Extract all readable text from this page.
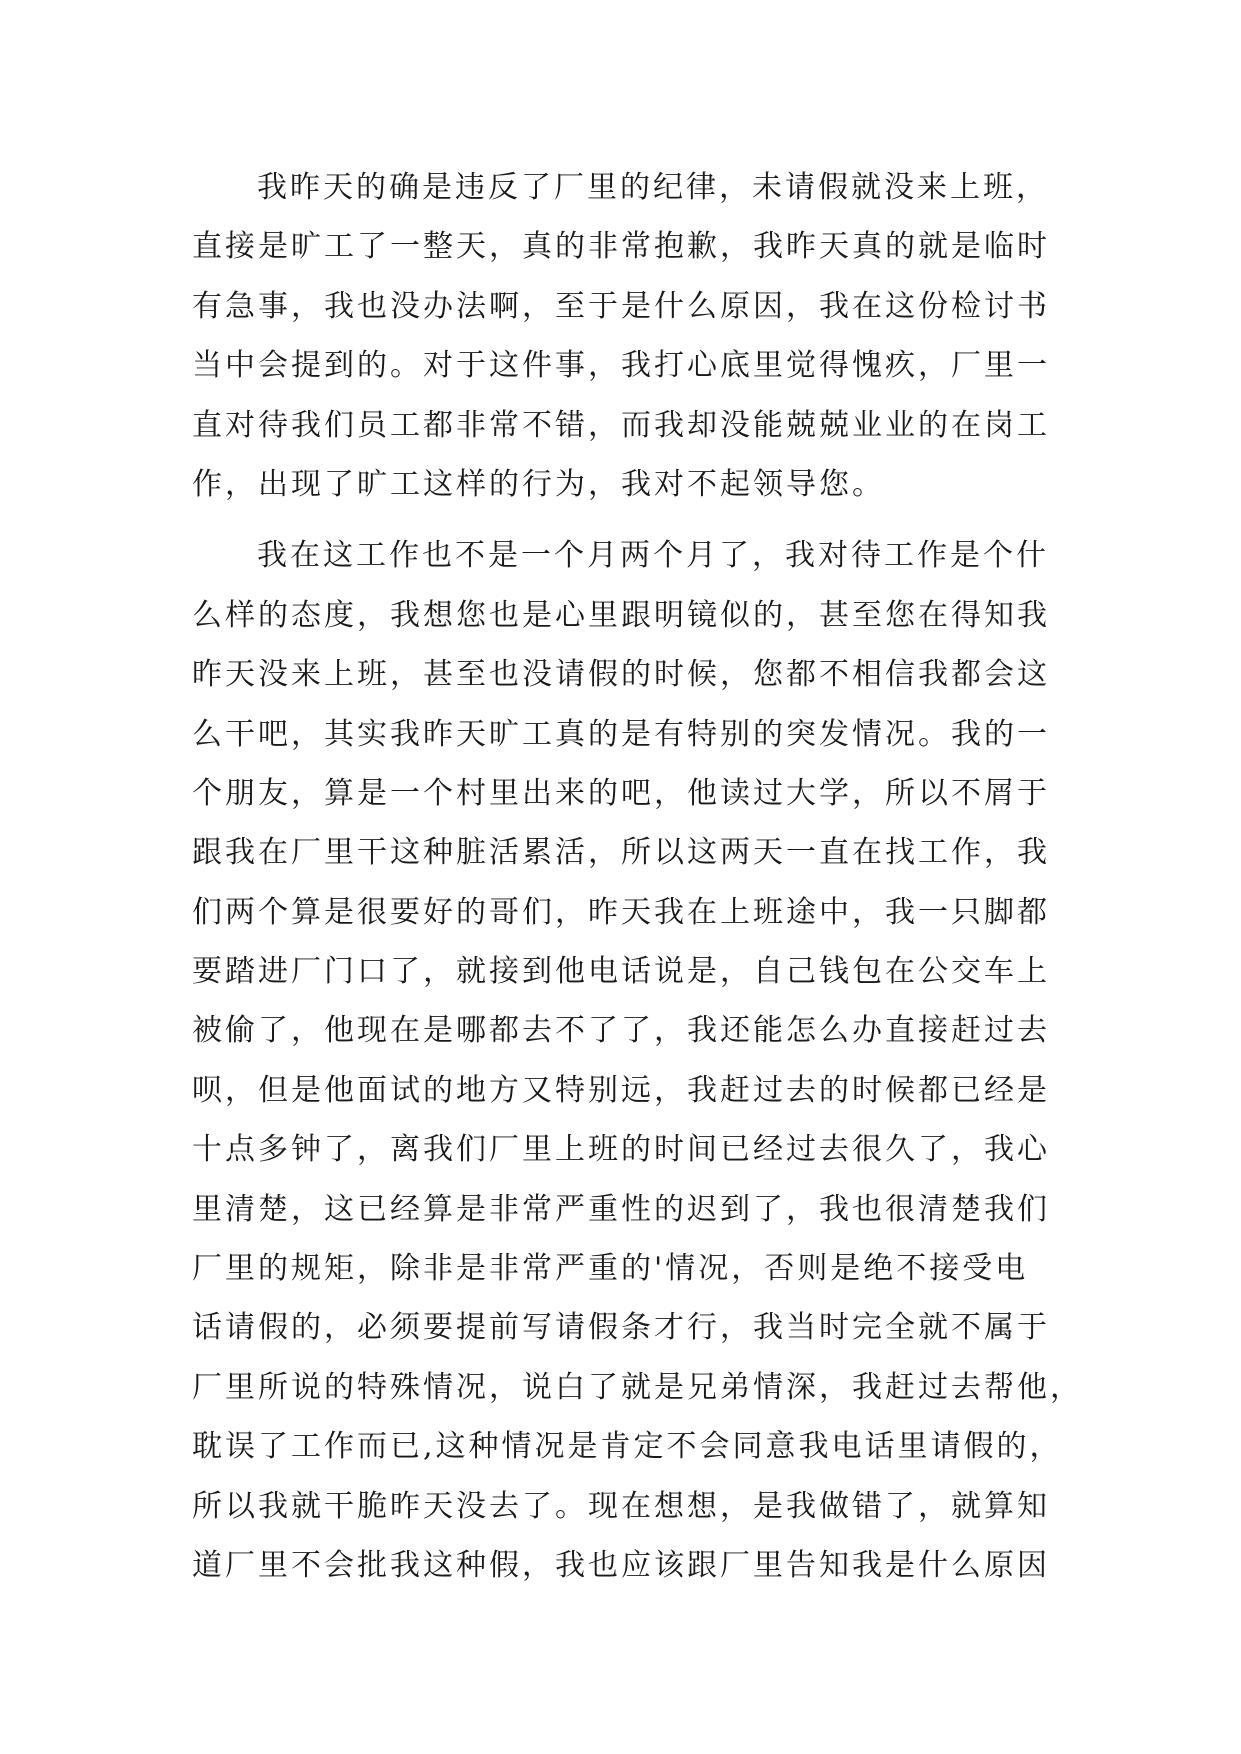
我昨天的确是违反了厂里的纪律，未请假就没来上班，
直接是旷工了一整天，真的非常抱歉，我昨天真的就是临时
有急事，我也没办法啊，至于是什么原因，我在这份检讨书
当中会提到的。对于这件事，我打心底里觉得愧疚，厂里一
直对待我们员工都非常不错，而我却没能兢兢业业的在岗工
作，出现了旷工这样的行为，我对不起领导您。
我在这工作也不是一个月两个月了，我对待工作是个什
么样的态度，我想您也是心里跟明镜似的，甚至您在得知我
昨天没来上班，甚至也没请假的时候，您都不相信我都会这
么干吧，其实我昨天旷工真的是有特别的突发情况。我的一
个朋友，算是一个村里出来的吧，他读过大学，所以不屑于
跟我在厂里干这种脏活累活，所以这两天一直在找工作，我
们两个算是很要好的哥们，昨天我在上班途中，我一只脚都
要踏进厂门口了，就接到他电话说是，自己钱包在公交车上
被偷了，他现在是哪都去不了了，我还能怎么办直接赶过去
呗，但是他面试的地方又特别远，我赶过去的时候都已经是
十点多钟了，离我们厂里上班的时间已经过去很久了，我心
里清楚，这已经算是非常严重性的迟到了，我也很清楚我们
厂里的规矩，除非是非常严重的'情况，否则是绝不接受电
话请假的，必须要提前写请假条才行，我当时完全就不属于
厂里所说的特殊情况，说白了就是兄弟情深，我赶过去帮他，
耽误了工作而已,这种情况是肯定不会同意我电话里请假的，
所以我就干脆昨天没去了。现在想想，是我做错了，就算知
道厂里不会批我这种假，我也应该跟厂里告知我是什么原因
